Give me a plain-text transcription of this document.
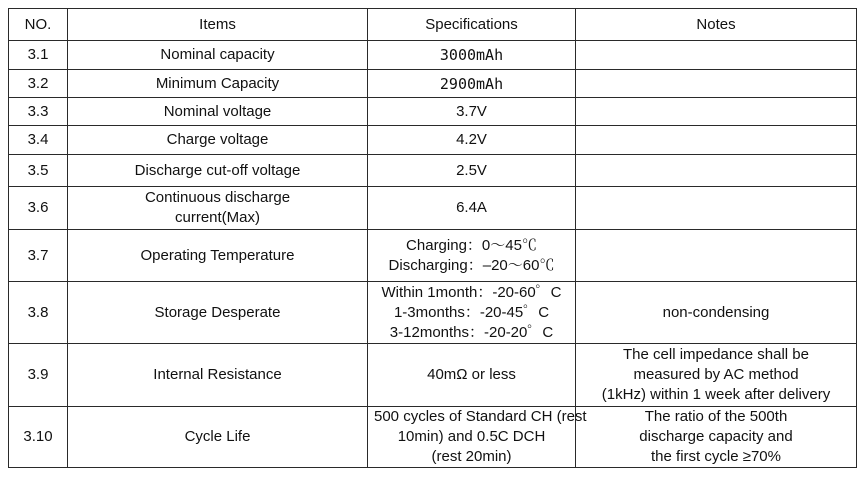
NO.	Items	Specifications	Notes
3.1	Nominal capacity	3000mAh	

3.2	Minimum Capacity	2900mAh	

3.3	Nominal voltage	3.7V	

3.4	Charge voltage	4.2V	

3.5	Discharge cut-off voltage	2.5V	

3.6	Continuous discharge
current(Max)	6.4A	

3.7	Operating Temperature	Charging：0～45℃
Discharging：–20～60℃	

3.8	Storage Desperate	Within 1month：-20-60゜C
1-3months：-20-45゜C
3-12months：-20-20゜C	non-condensing

3.9	Internal Resistance	40mΩ or less	The cell impedance shall be
measured by AC method
(1kHz) within 1 week after delivery

3.10	Cycle Life	500 cycles of Standard CH (rest
10min) and 0.5C DCH
(rest 20min)	The ratio of the 500th
discharge capacity and
the first cycle ≥70%
